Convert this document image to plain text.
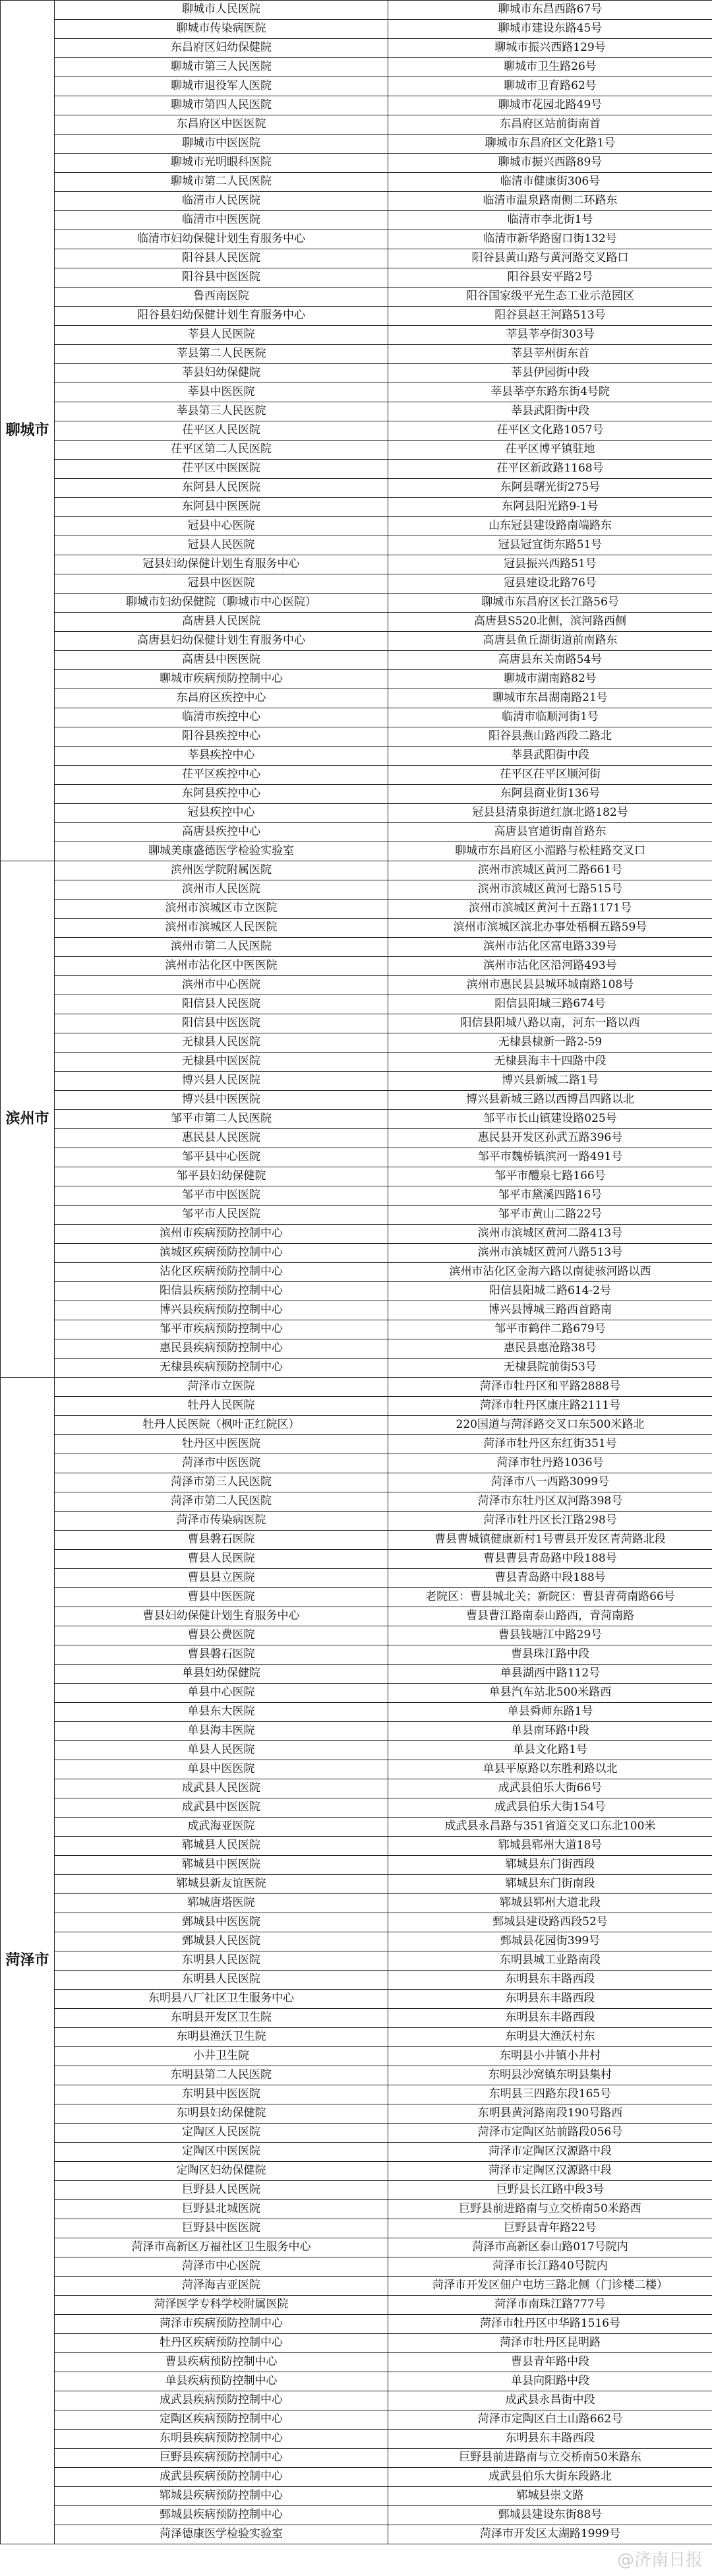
聊城市	聊城市人民医院	聊城市东昌西路67号
	聊城市传染病医院	聊城市建设东路45号
	东昌府区妇幼保健院	聊城市振兴西路129号
	聊城市第三人民医院	聊城市卫生路26号
	聊城市退役军人医院	聊城市卫育路62号
	聊城市第四人民医院	聊城市花园北路49号
	东昌府区中医医院	东昌府区站前街南首
	聊城市中医医院	聊城市东昌府区文化路1号
	聊城市光明眼科医院	聊城市振兴西路89号
	聊城市第二人民医院	临清市健康街306号
	临清市人民医院	临清市温泉路南侧二环路东
	临清市中医医院	临清市李北街1号
	临清市妇幼保健计划生育服务中心	临清市新华路窗口街132号
	阳谷县人民医院	阳谷县黄山路与黄河路交叉路口
	阳谷县中医医院	阳谷县安平路2号
	鲁西南医院	阳谷国家级平光生态工业示范园区
	阳谷县妇幼保健计划生育服务中心	阳谷县赵王河路513号
	莘县人民医院	莘县莘亭街303号
	莘县第二人民医院	莘县莘州街东首
	莘县妇幼保健院	莘县伊园街中段
	莘县中医医院	莘县莘亭东路东街4号院
	莘县第三人民医院	莘县武阳街中段
	茌平区人民医院	茌平区文化路1057号
	茌平区第二人民医院	茌平区博平镇驻地
	茌平区中医医院	茌平区新政路1168号
	东阿县人民医院	东阿县曙光街275号
	东阿县中医医院	东阿县阳光路9-1号
	冠县中心医院	山东冠县建设路南端路东
	冠县人民医院	冠县冠宜街东路51号
	冠县妇幼保健计划生育服务中心	冠县振兴西路51号
	冠县中医医院	冠县建设北路76号
	聊城市妇幼保健院（聊城市中心医院）	聊城市东昌府区长江路56号
	高唐县人民医院	高唐县S520北侧，滨河路西侧
	高唐县妇幼保健计划生育服务中心	高唐县鱼丘湖街道前南路东
	高唐县中医医院	高唐县东关南路54号
	聊城市疾病预防控制中心	聊城市湖南路82号
	东昌府区疾控中心	聊城市东昌湖南路21号
	临清市疾控中心	临清市临顺河街1号
	阳谷县疾控中心	阳谷县燕山路西段二路北
	莘县疾控中心	莘县武阳街中段
	茌平区疾控中心	茌平区茌平区顺河街
	东阿县疾控中心	东阿县商业街136号
	冠县疾控中心	冠县县清泉街道红旗北路182号
	高唐县疾控中心	高唐县官道街南首路东
	聊城美康盛德医学检验实验室	聊城市东昌府区小湄路与松桂路交叉口
滨州市	滨州医学院附属医院	滨州市滨城区黄河二路661号
	滨州市人民医院	滨州市滨城区黄河七路515号
	滨州市滨城区市立医院	滨州市滨城区黄河十五路1171号
	滨州市滨城区人民医院	滨州市滨城区滨北办事处梧桐五路59号
	滨州市第二人民医院	滨州市沾化区富电路339号
	滨州市沾化区中医医院	滨州市沾化区沿河路493号
	滨州市中心医院	滨州市惠民县县城环城南路108号
	阳信县人民医院	阳信县阳城三路674号
	阳信县中医医院	阳信县阳城八路以南，河东一路以西
	无棣县人民医院	无棣县棣新一路2-59
	无棣县中医医院	无棣县海丰十四路中段
	博兴县人民医院	博兴县新城二路1号
	博兴县中医医院	博兴县新城三路以西博昌四路以北
	邹平市第二人民医院	邹平市长山镇建设路025号
	惠民县人民医院	惠民县开发区孙武五路396号
	邹平县中心医院	邹平市魏桥镇滨河一路491号
	邹平县妇幼保健院	邹平市醴泉七路166号
	邹平市中医医院	邹平市黛溪四路16号
	邹平市人民医院	邹平市黄山二路22号
	滨州市疾病预防控制中心	滨州市滨城区黄河二路413号
	滨城区疾病预防控制中心	滨州市滨城区黄河八路513号
	沾化区疾病预防控制中心	滨州市沾化区金海六路以南徒骇河路以西
	阳信县疾病预防控制中心	阳信县阳城二路614-2号
	博兴县疾病预防控制中心	博兴县博城三路西首路南
	邹平市疾病预防控制中心	邹平市鹤伴二路679号
	惠民县疾病预防控制中心	惠民县惠沧路38号
	无棣县疾病预防控制中心	无棣县院前街53号
菏泽市	菏泽市立医院	菏泽市牡丹区和平路2888号
	牡丹人民医院	菏泽市牡丹区康庄路2111号
	牡丹人民医院（枫叶正红院区）	220国道与菏泽路交叉口东500米路北
	牡丹区中医医院	菏泽市牡丹区东红街351号
	菏泽市中医医院	菏泽市牡丹路1036号
	菏泽市第三人民医院	菏泽市八一西路3099号
	菏泽市第二人民医院	菏泽市东牡丹区双河路398号
	菏泽市传染病医院	菏泽市牡丹区长江路298号
	曹县磐石医院	曹县曹城镇健康新村1号曹县开发区青菏路北段
	曹县人民医院	曹县曹县青岛路中段188号
	曹县县立医院	曹县青岛路中段188号
	曹县中医医院	老院区：曹县城北关；新院区：曹县青荷南路66号
	曹县妇幼保健计划生育服务中心	曹县曹江路南泰山路西，青菏南路
	曹县公费医院	曹县钱塘江中路29号
	曹县磐石医院	曹县珠江路中段
	单县妇幼保健院	单县湖西中路112号
	单县中心医院	单县汽车站北500米路西
	单县东大医院	单县舜师东路1号
	单县海丰医院	单县南环路中段
	单县人民医院	单县文化路1号
	单县中医医院	单县平原路以东胜利路以北
	成武县人民医院	成武县伯乐大街66号
	成武县中医医院	成武县伯乐大街154号
	成武海亚医院	成武县永昌路与351省道交叉口东北100米
	郓城县人民医院	郓城县郓州大道18号
	郓城县中医医院	郓城县东门街西段
	郓城县新友谊医院	郓城县东门街南段
	郓城唐塔医院	郓城县郓州大道北段
	鄄城县中医医院	鄄城县建设路西段52号
	鄄城县人民医院	鄄城县花园街399号
	东明县人民医院	东明县城工业路南段
	东明县人民医院	东明县东丰路西段
	东明县八厂社区卫生服务中心	东明县东丰路西段
	东明县开发区卫生院	东明县东丰路西段
	东明县渔沃卫生院	东明县大渔沃村东
	小井卫生院	东明县小井镇小井村
	东明县第二人民医院	东明县沙窝镇东明县集村
	东明县中医医院	东明县三四路东段165号
	东明县妇幼保健院	东明县黄河路南段190号路西
	定陶区人民医院	菏泽市定陶区站前路段056号
	定陶区中医医院	菏泽市定陶区汉源路中段
	定陶区妇幼保健院	菏泽市定陶区汉源路中段
	巨野县人民医院	巨野县长江路中段3号
	巨野县北城医院	巨野县前进路南与立交桥南50米路西
	巨野县中医医院	巨野县青年路22号
	菏泽市高新区万福社区卫生服务中心	菏泽市高新区泰山路017号院内
	菏泽市中心医院	菏泽市长江路40号院内
	菏泽海吉亚医院	菏泽市开发区佃户屯坊三路北侧（门诊楼二楼）
	菏泽医学专科学校附属医院	菏泽市南珠江路777号
	菏泽市疾病预防控制中心	菏泽市牡丹区中华路1516号
	牡丹区疾病预防控制中心	菏泽市牡丹区昆明路
	曹县疾病预防控制中心	曹县青年路中段
	单县疾病预防控制中心	单县向阳路中段
	成武县疾病预防控制中心	成武县永昌街中段
	定陶区疾病预防控制中心	菏泽市定陶区白土山路662号
	东明县疾病预防控制中心	东明县东丰路西段
	巨野县疾病预防控制中心	巨野县前进路南与立交桥南50米路东
	成武县疾病预防控制中心	成武县伯乐大街东段路北
	郓城县疾病预防控制中心	郓城县崇文路
	鄄城县疾病预防控制中心	鄄城县建设东街88号
	菏泽德康医学检验实验室	菏泽市开发区太湖路1999号
@济南日报
